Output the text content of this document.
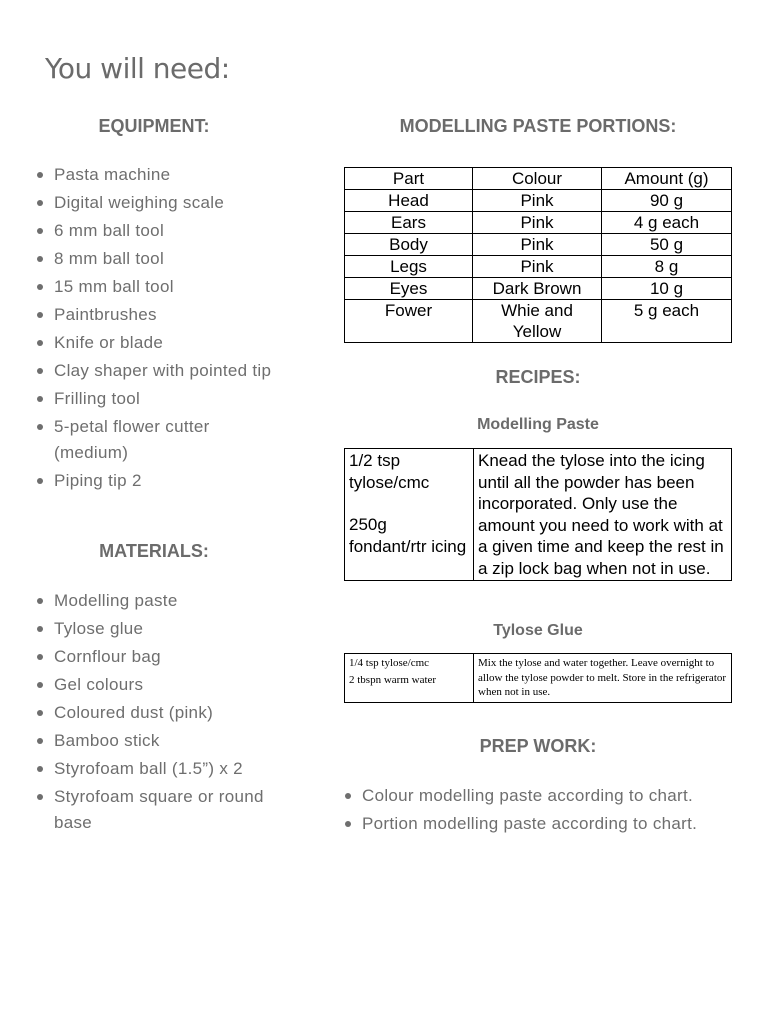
You will need:
EQUIPMENT:
Pasta machine
Digital weighing scale
6 mm ball tool
8 mm ball tool
15 mm ball tool
Paintbrushes
Knife or blade
Clay shaper with pointed tip
Frilling tool
5-petal flower cutter (medium)
Piping tip 2
MATERIALS:
Modelling paste
Tylose glue
Cornflour bag
Gel colours
Coloured dust (pink)
Bamboo stick
Styrofoam ball (1.5”) x 2
Styrofoam square or round base
MODELLING PASTE PORTIONS:
Part	Colour	Amount (g)
Head	Pink	90 g
Ears	Pink	4 g each
Body	Pink	50 g
Legs	Pink	8 g
Eyes	Dark Brown	10 g
Fower	Whie and Yellow	5 g each
RECIPES:
Modelling Paste
1/2 tsp tylose/cmc
250g fondant/rtr icing	Knead the tylose into the icing until all the powder has been incorporated. Only use the amount you need to work with at a given time and keep the rest in a zip lock bag when not in use.
Tylose Glue
1/4 tsp tylose/cmc
2 tbspn warm water	Mix the tylose and water together. Leave overnight to allow the tylose powder to melt. Store in the refrigerator when not in use.
PREP WORK:
Colour modelling paste according to chart.
Portion modelling paste according to chart.
